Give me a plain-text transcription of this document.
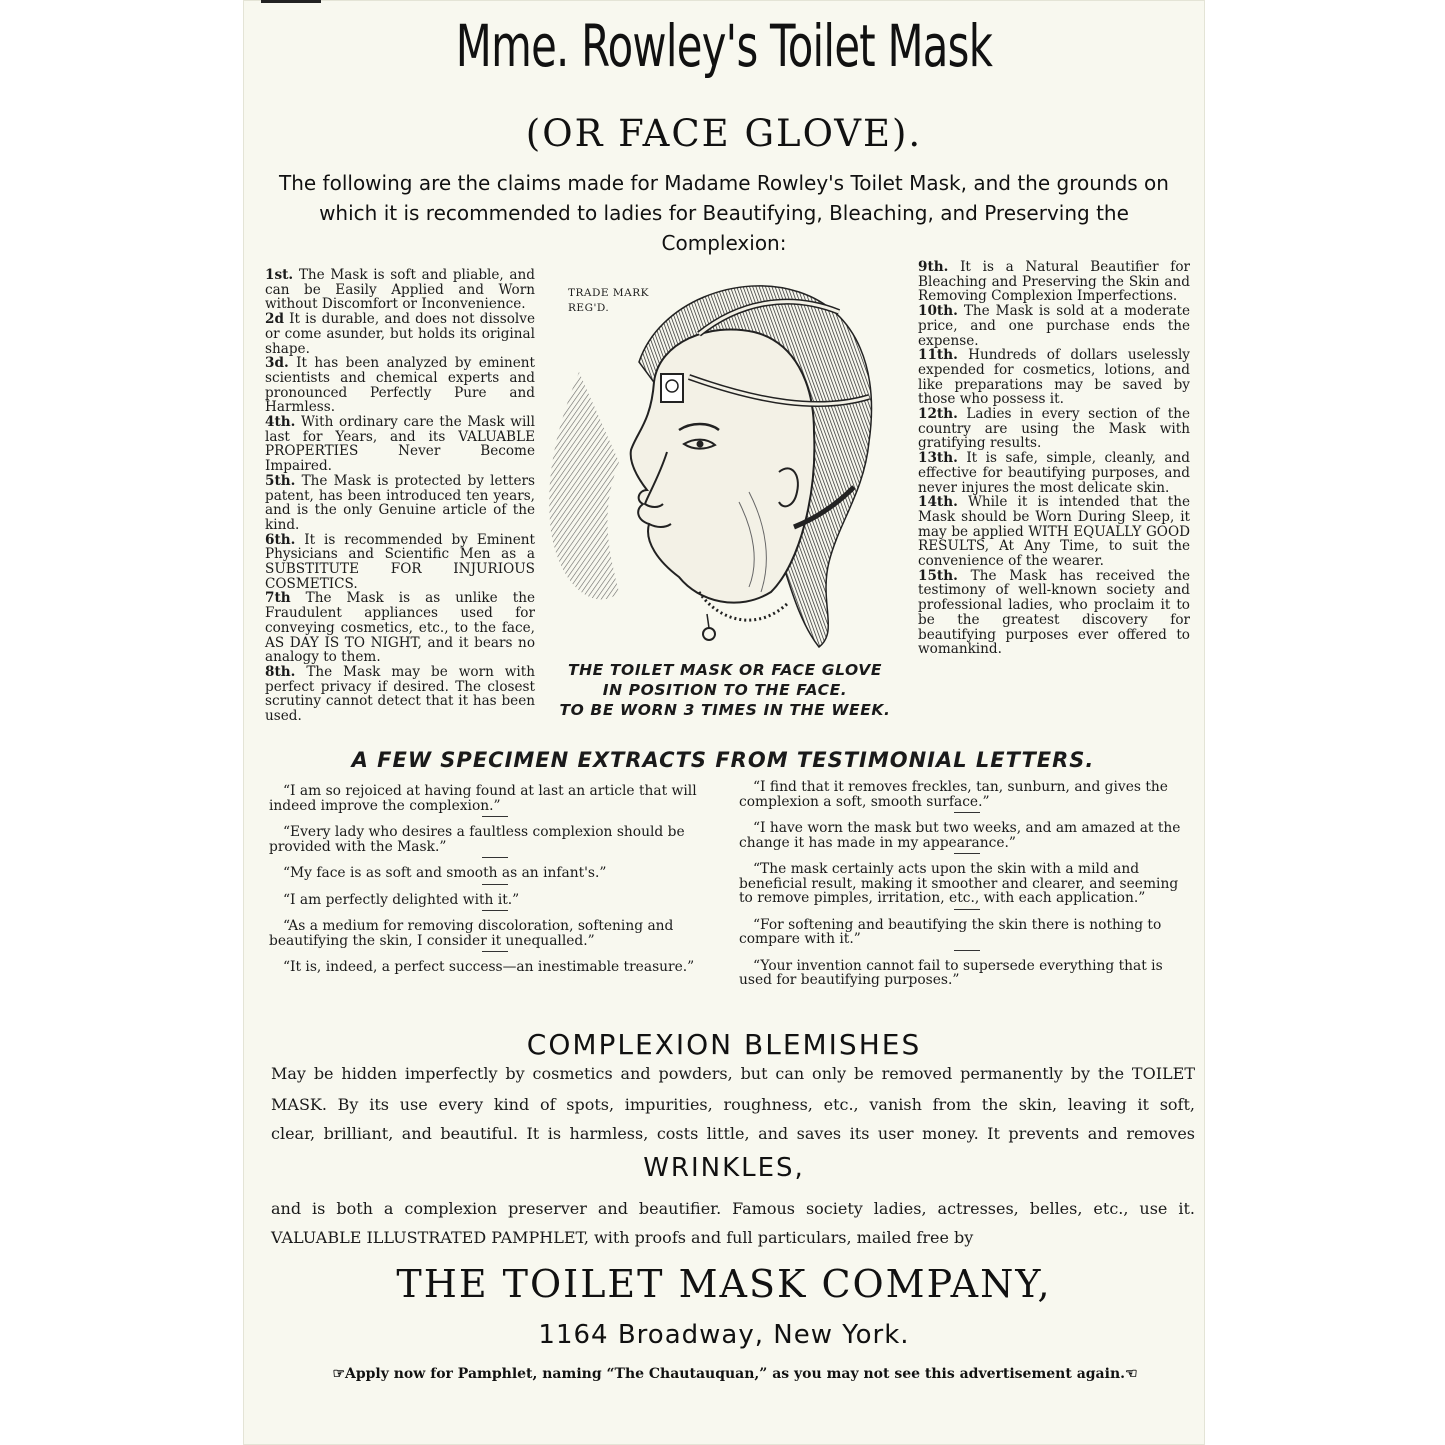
Mme. Rowley's Toilet Mask
(OR FACE GLOVE).
The following are the claims made for Madame Rowley's Toilet Mask, and the grounds on which it is recommended to ladies for Beautifying, Bleaching, and Preserving the Complexion:

1st. The Mask is soft and pliable, and can be Easily Applied and Worn without Discomfort or Inconvenience.

2d It is durable, and does not dissolve or come asunder, but holds its original shape.

3d. It has been analyzed by eminent scientists and chemical experts and pronounced Perfectly Pure and Harmless.

4th. With ordinary care the Mask will last for Years, and its VALUABLE PROPERTIES Never Become Impaired.

5th. The Mask is protected by letters patent, has been introduced ten years, and is the only Genuine article of the kind.

6th. It is recommended by Eminent Physicians and Scientific Men as a SUBSTITUTE FOR INJURIOUS COSMETICS.

7th The Mask is as unlike the Fraudulent appliances used for conveying cosmetics, etc., to the face, AS DAY IS TO NIGHT, and it bears no analogy to them.

8th. The Mask may be worn with perfect privacy if desired. The closest scrutiny cannot detect that it has been used.

TRADE MARK REG'D.
THE TOILET MASK OR FACE GLOVE
IN POSITION TO THE FACE.
TO BE WORN 3 TIMES IN THE WEEK.

9th. It is a Natural Beautifier for Bleaching and Preserving the Skin and Removing Complexion Imperfections.

10th. The Mask is sold at a moderate price, and one purchase ends the expense.

11th. Hundreds of dollars uselessly expended for cosmetics, lotions, and like preparations may be saved by those who possess it.

12th. Ladies in every section of the country are using the Mask with gratifying results.

13th. It is safe, simple, cleanly, and effective for beautifying purposes, and never injures the most delicate skin.

14th. While it is intended that the Mask should be Worn During Sleep, it may be applied WITH EQUALLY GOOD RESULTS, At Any Time, to suit the convenience of the wearer.

15th. The Mask has received the testimony of well-known society and professional ladies, who proclaim it to be the greatest discovery for beautifying purposes ever offered to womankind.

A FEW SPECIMEN EXTRACTS FROM TESTIMONIAL LETTERS.

“I am so rejoiced at having found at last an article that will indeed improve the complexion.”

“Every lady who desires a faultless complexion should be provided with the Mask.”

“My face is as soft and smooth as an infant's.”

“I am perfectly delighted with it.”

“As a medium for removing discoloration, softening and beautifying the skin, I consider it unequalled.”

“It is, indeed, a perfect success—an inestimable treasure.”

“I find that it removes freckles, tan, sunburn, and gives the complexion a soft, smooth surface.”

“I have worn the mask but two weeks, and am amazed at the change it has made in my appearance.”

“The mask certainly acts upon the skin with a mild and beneficial result, making it smoother and clearer, and seeming to remove pimples, irritation, etc., with each application.”

“For softening and beautifying the skin there is nothing to compare with it.”

“Your invention cannot fail to supersede everything that is used for beautifying purposes.”

COMPLEXION BLEMISHES
May be hidden imperfectly by cosmetics and powders, but can only be removed permanently by the TOILET
MASK. By its use every kind of spots, impurities, roughness, etc., vanish from the skin, leaving it soft,
clear, brilliant, and beautiful. It is harmless, costs little, and saves its user money. It prevents and removes
WRINKLES,
and is both a complexion preserver and beautifier. Famous society ladies, actresses, belles, etc., use it.
VALUABLE ILLUSTRATED PAMPHLET, with proofs and full particulars, mailed free by
THE TOILET MASK COMPANY,
1164 Broadway, New York.
☞Apply now for Pamphlet, naming “The Chautauquan,” as you may not see this advertisement again.☜
